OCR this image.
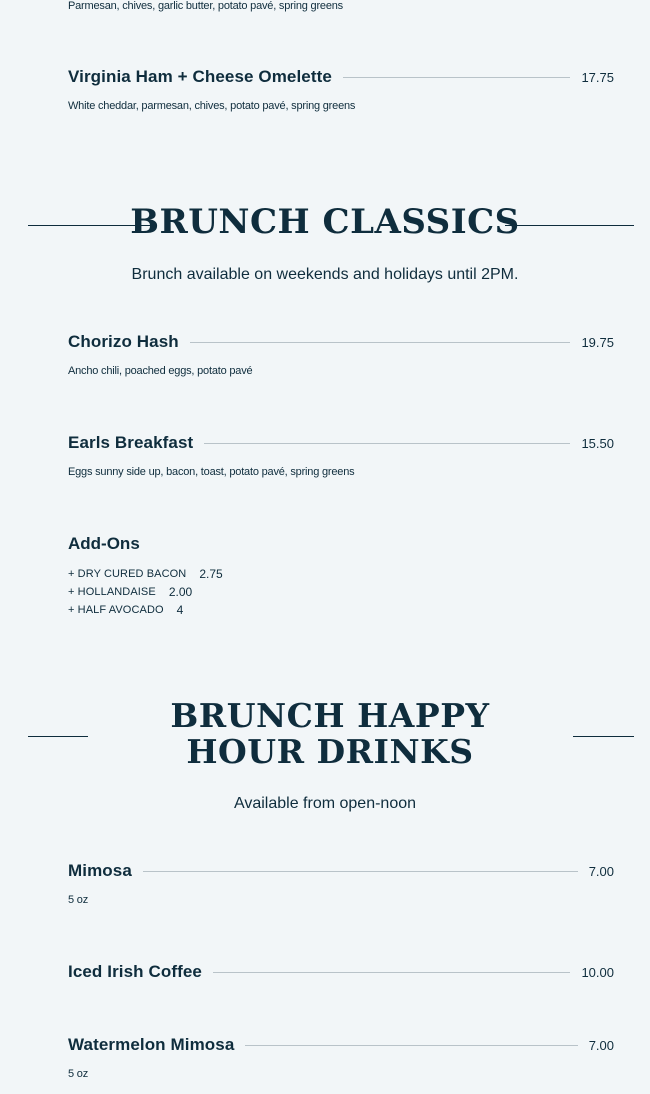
Parmesan, chives, garlic butter, potato pavé, spring greens
Virginia Ham + Cheese Omelette	17.75
White cheddar, parmesan, chives, potato pavé, spring greens
BRUNCH CLASSICS
Brunch available on weekends and holidays until 2PM.
Chorizo Hash	19.75
Ancho chili, poached eggs, potato pavé
Earls Breakfast	15.50
Eggs sunny side up, bacon, toast, potato pavé, spring greens
Add-Ons
+ DRY CURED BACON 2.75
+ HOLLANDAISE 2.00
+ HALF AVOCADO 4
BRUNCH HAPPY HOUR DRINKS
Available from open-noon
Mimosa	7.00
5 oz
Iced Irish Coffee	10.00
Watermelon Mimosa	7.00
5 oz
